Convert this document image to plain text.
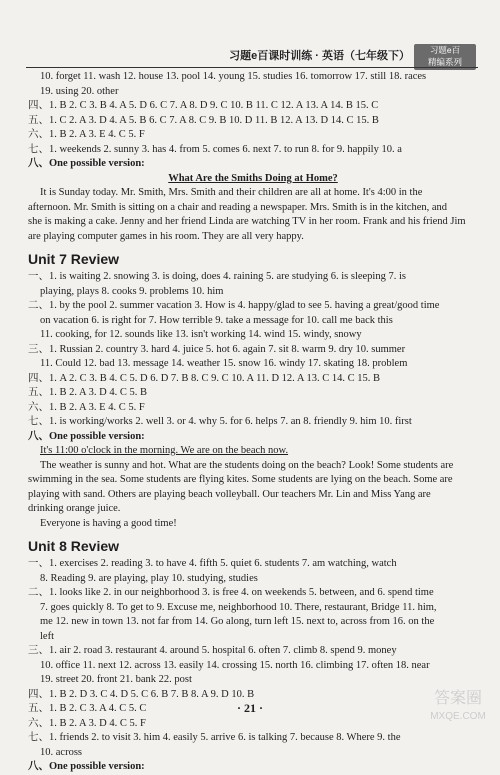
习题e百课时训练 · 英语（七年级下）	习题e百
精编系列
10. forget 11. wash 12. house 13. pool 14. young 15. studies 16. tomorrow 17. still 18. races
19. using 20. other
四、1. B 2. C 3. B 4. A 5. D 6. C 7. A 8. D 9. C 10. B 11. C 12. A 13. A 14. B 15. C
五、1. C 2. A 3. D 4. A 5. B 6. C 7. A 8. C 9. B 10. D 11. B 12. A 13. D 14. C 15. B
六、1. B 2. A 3. E 4. C 5. F
七、1. weekends 2. sunny 3. has 4. from 5. comes 6. next 7. to run 8. for 9. happily 10. a
八、One possible version:
What Are the Smiths Doing at Home?
It is Sunday today. Mr. Smith, Mrs. Smith and their children are all at home. It's 4:00 in the
afternoon. Mr. Smith is sitting on a chair and reading a newspaper. Mrs. Smith is in the kitchen, and
she is making a cake. Jenny and her friend Linda are watching TV in her room. Frank and his friend Jim
are playing computer games in his room. They are all very happy.
Unit 7 Review
一、1. is waiting 2. snowing 3. is doing, does 4. raining 5. are studying 6. is sleeping 7. is
playing, plays 8. cooks 9. problems 10. him
二、1. by the pool 2. summer vacation 3. How is 4. happy/glad to see 5. having a great/good time
on vacation 6. is right for 7. How terrible 9. take a message for 10. call me back this
11. cooking, for 12. sounds like 13. isn't working 14. wind 15. windy, snowy
三、1. Russian 2. country 3. hard 4. juice 5. hot 6. again 7. sit 8. warm 9. dry 10. summer
11. Could 12. bad 13. message 14. weather 15. snow 16. windy 17. skating 18. problem
四、1. A 2. C 3. B 4. C 5. D 6. D 7. B 8. C 9. C 10. A 11. D 12. A 13. C 14. C 15. B
五、1. B 2. A 3. D 4. C 5. B
六、1. B 2. A 3. E 4. C 5. F
七、1. is working/works 2. well 3. or 4. why 5. for 6. helps 7. an 8. friendly 9. him 10. first
八、One possible version:
It's 11:00 o'clock in the morning. We are on the beach now.
The weather is sunny and hot. What are the students doing on the beach? Look! Some students are
swimming in the sea. Some students are flying kites. Some students are lying on the beach. Some are
playing with sand. Others are playing beach volleyball. Our teachers Mr. Lin and Miss Yang are
drinking orange juice.
Everyone is having a good time!
Unit 8 Review
一、1. exercises 2. reading 3. to have 4. fifth 5. quiet 6. students 7. am watching, watch
8. Reading 9. are playing, play 10. studying, studies
二、1. looks like 2. in our neighborhood 3. is free 4. on weekends 5. between, and 6. spend time
7. goes quickly 8. To get to 9. Excuse me, neighborhood 10. There, restaurant, Bridge 11. him,
me 12. new in town 13. not far from 14. Go along, turn left 15. next to, across from 16. on the
left
三、1. air 2. road 3. restaurant 4. around 5. hospital 6. often 7. climb 8. spend 9. money
10. office 11. next 12. across 13. easily 14. crossing 15. north 16. climbing 17. often 18. near
19. street 20. front 21. bank 22. post
四、1. B 2. D 3. C 4. D 5. C 6. B 7. B 8. A 9. D 10. B
五、1. B 2. C 3. A 4. C 5. C
六、1. B 2. A 3. D 4. C 5. F
七、1. friends 2. to visit 3. him 4. easily 5. arrive 6. is talking 7. because 8. Where 9. the
10. across
八、One possible version:
· 21 ·
答案圈
MXQE.COM
